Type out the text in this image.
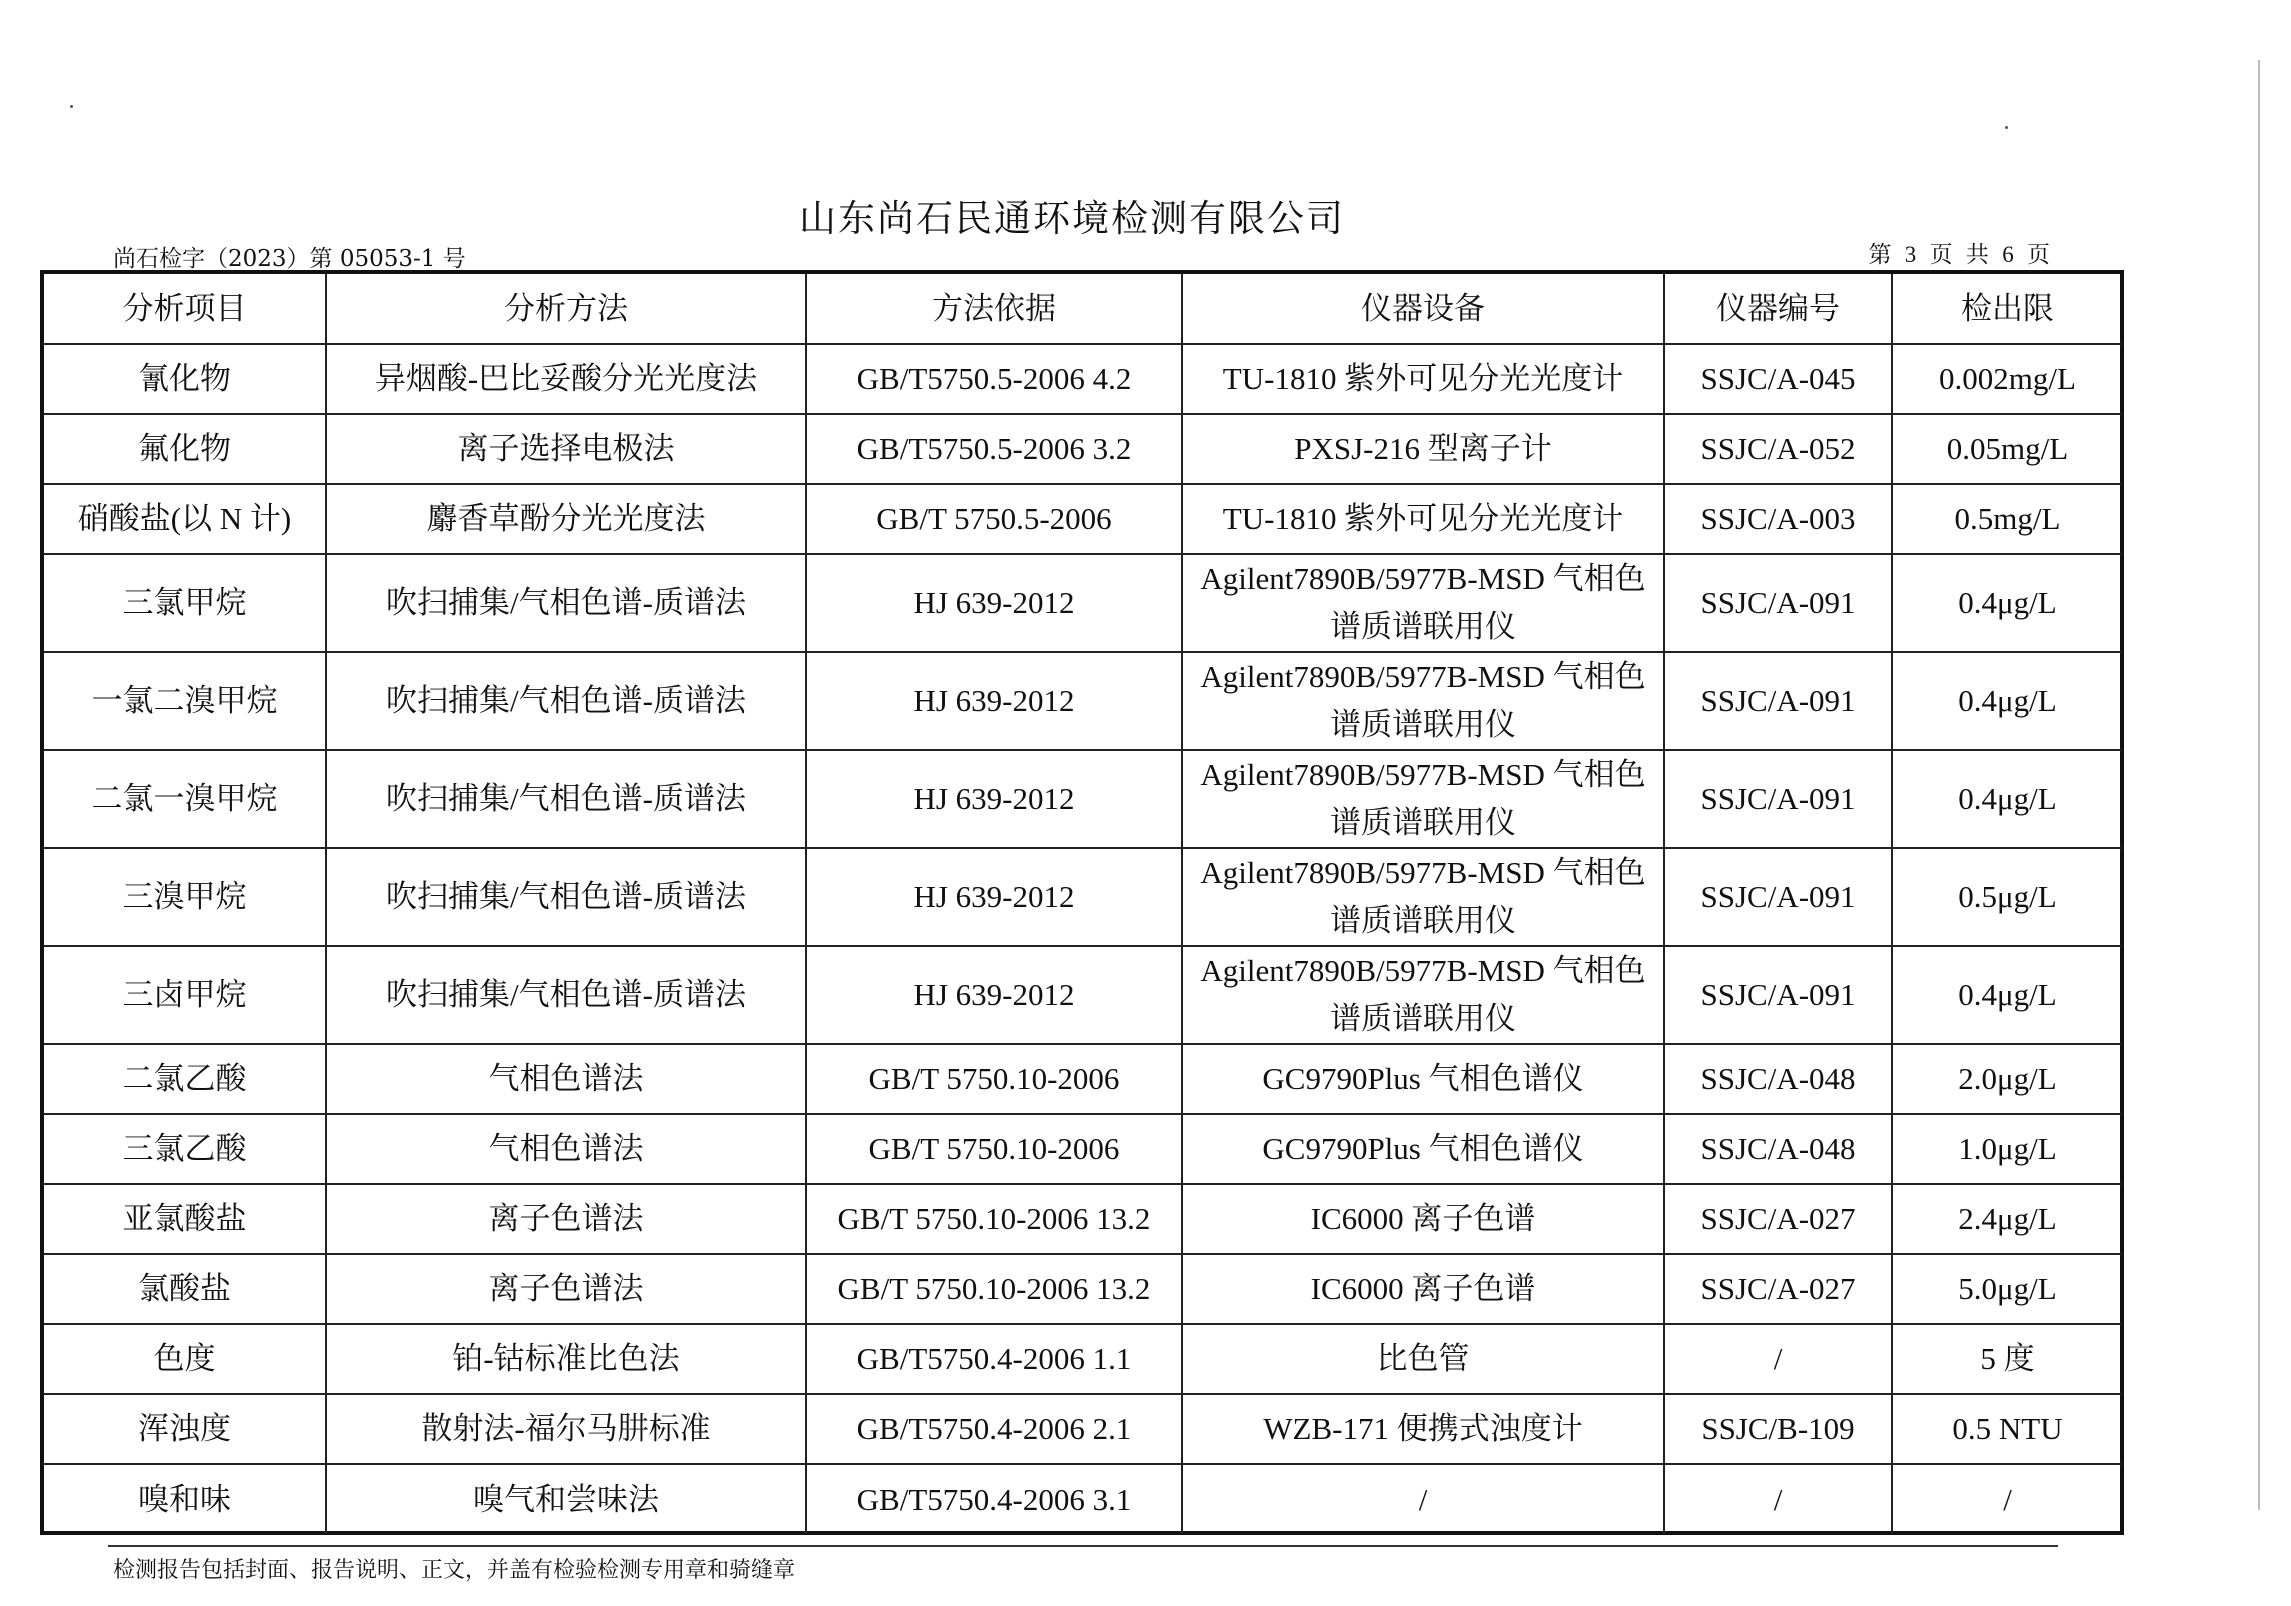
山东尚石民通环境检测有限公司
尚石检字（2023）第 05053-1 号	第 3 页 共 6 页
分析项目	分析方法	方法依据	仪器设备	仪器编号	检出限
氰化物	异烟酸-巴比妥酸分光光度法	GB/T5750.5-2006 4.2	TU-1810 紫外可见分光光度计	SSJC/A-045	0.002mg/L
氟化物	离子选择电极法	GB/T5750.5-2006 3.2	PXSJ-216 型离子计	SSJC/A-052	0.05mg/L
硝酸盐(以 N 计)	麝香草酚分光光度法	GB/T 5750.5-2006	TU-1810 紫外可见分光光度计	SSJC/A-003	0.5mg/L
三氯甲烷	吹扫捕集/气相色谱-质谱法	HJ 639-2012	Agilent7890B/5977B-MSD 气相色谱质谱联用仪	SSJC/A-091	0.4μg/L
一氯二溴甲烷	吹扫捕集/气相色谱-质谱法	HJ 639-2012	Agilent7890B/5977B-MSD 气相色谱质谱联用仪	SSJC/A-091	0.4μg/L
二氯一溴甲烷	吹扫捕集/气相色谱-质谱法	HJ 639-2012	Agilent7890B/5977B-MSD 气相色谱质谱联用仪	SSJC/A-091	0.4μg/L
三溴甲烷	吹扫捕集/气相色谱-质谱法	HJ 639-2012	Agilent7890B/5977B-MSD 气相色谱质谱联用仪	SSJC/A-091	0.5μg/L
三卤甲烷	吹扫捕集/气相色谱-质谱法	HJ 639-2012	Agilent7890B/5977B-MSD 气相色谱质谱联用仪	SSJC/A-091	0.4μg/L
二氯乙酸	气相色谱法	GB/T 5750.10-2006	GC9790Plus 气相色谱仪	SSJC/A-048	2.0μg/L
三氯乙酸	气相色谱法	GB/T 5750.10-2006	GC9790Plus 气相色谱仪	SSJC/A-048	1.0μg/L
亚氯酸盐	离子色谱法	GB/T 5750.10-2006 13.2	IC6000 离子色谱	SSJC/A-027	2.4μg/L
氯酸盐	离子色谱法	GB/T 5750.10-2006 13.2	IC6000 离子色谱	SSJC/A-027	5.0μg/L
色度	铂-钴标准比色法	GB/T5750.4-2006 1.1	比色管	/	5 度
浑浊度	散射法-福尔马肼标准	GB/T5750.4-2006 2.1	WZB-171 便携式浊度计	SSJC/B-109	0.5 NTU
嗅和味	嗅气和尝味法	GB/T5750.4-2006 3.1	/	/	/
检测报告包括封面、报告说明、正文，并盖有检验检测专用章和骑缝章
